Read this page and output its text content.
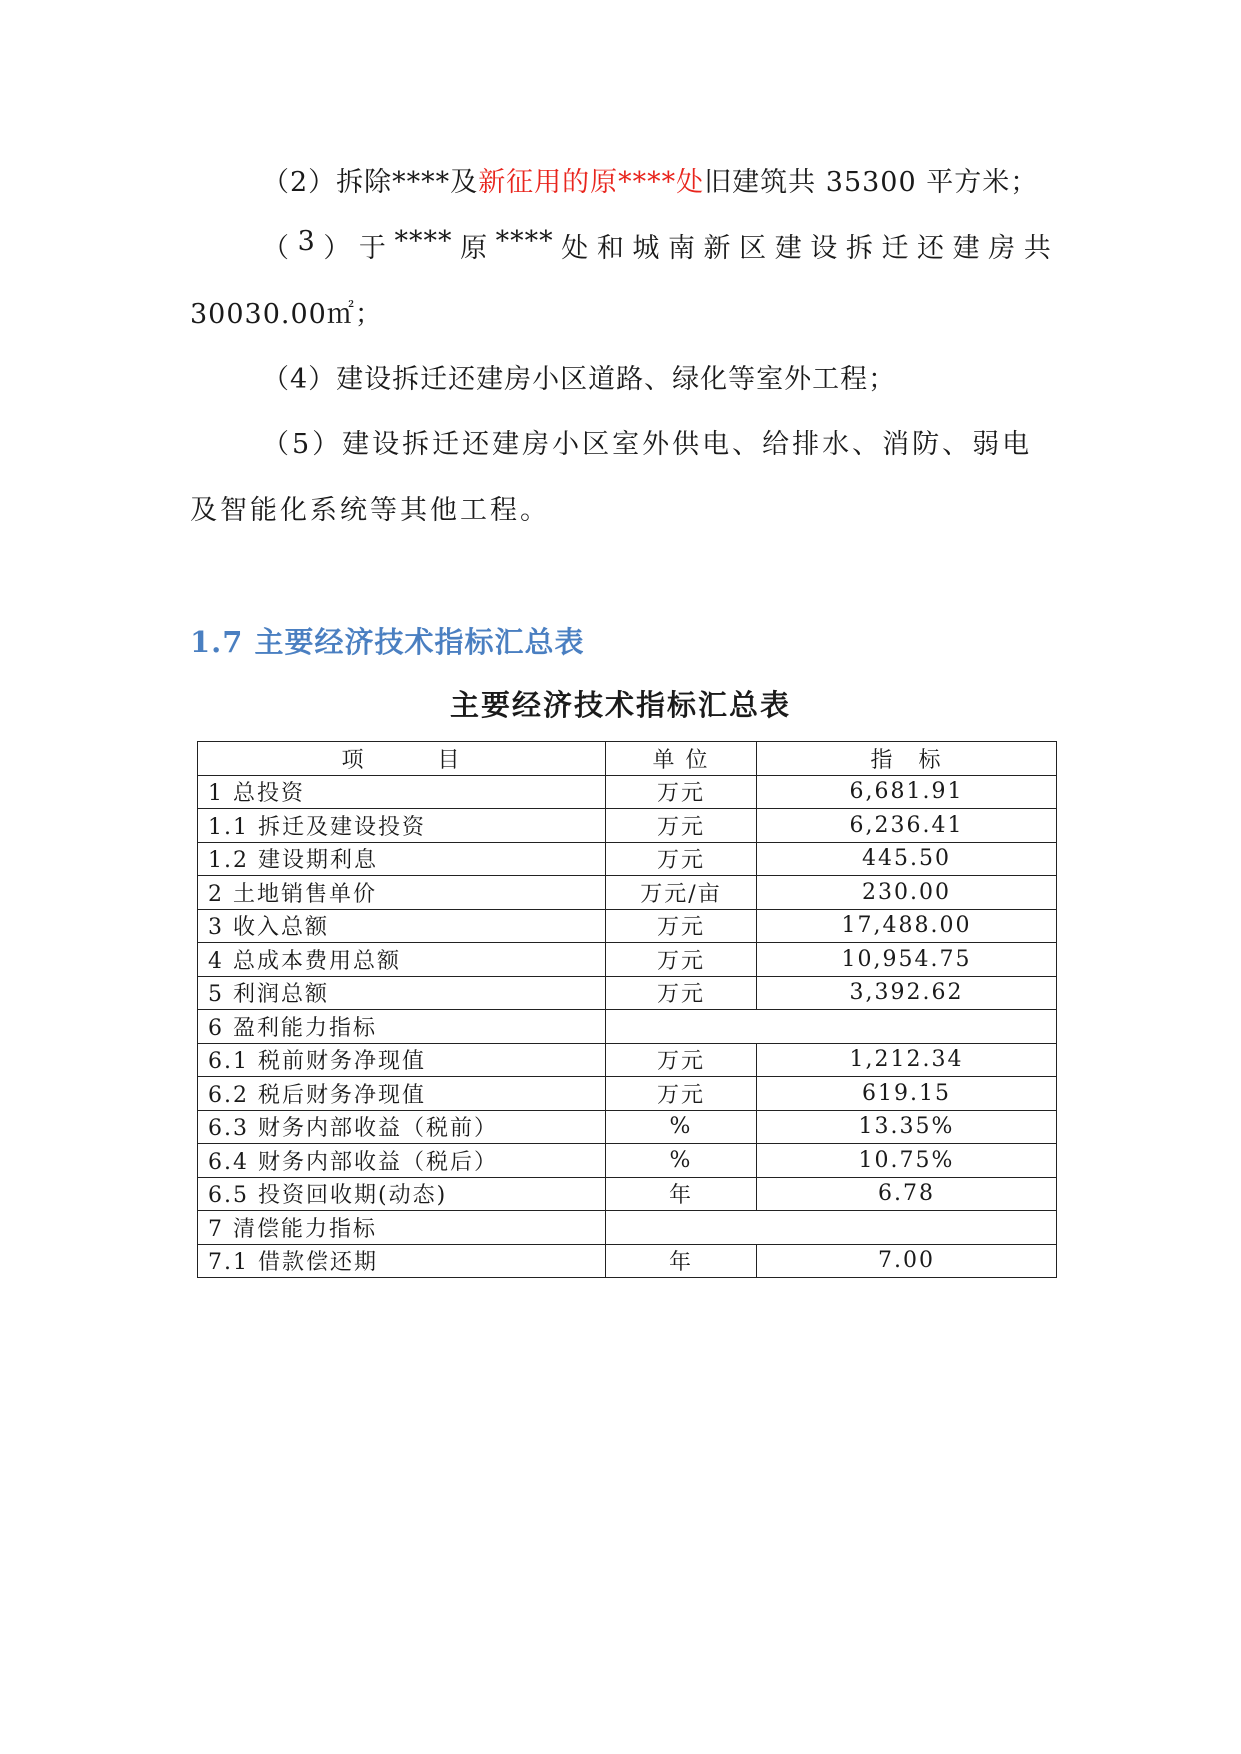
（2）拆除****及新征用的原****处旧建筑共 35300 平方米；
（ 3 ） 于 **** 原 **** 处 和 城 南 新 区 建 设 拆 迁 还 建 房 共
30030.00㎡；
（4）建设拆迁还建房小区道路、绿化等室外工程；
（5）建设拆迁还建房小区室外供电、给排水、消防、弱电
及智能化系统等其他工程。
1.7 主要经济技术指标汇总表
主要经济技术指标汇总表
项　　　目	单 位	指　标
1 总投资	万元	6,681.91
1.1 拆迁及建设投资	万元	6,236.41
1.2 建设期利息	万元	445.50
2 土地销售单价	万元/亩	230.00
3 收入总额	万元	17,488.00
4 总成本费用总额	万元	10,954.75
5 利润总额	万元	3,392.62
6 盈利能力指标		
6.1 税前财务净现值	万元	1,212.34
6.2 税后财务净现值	万元	619.15
6.3 财务内部收益（税前）	%	13.35%
6.4 财务内部收益（税后）	%	10.75%
6.5 投资回收期(动态)	年	6.78
7 清偿能力指标		
7.1 借款偿还期	年	7.00
